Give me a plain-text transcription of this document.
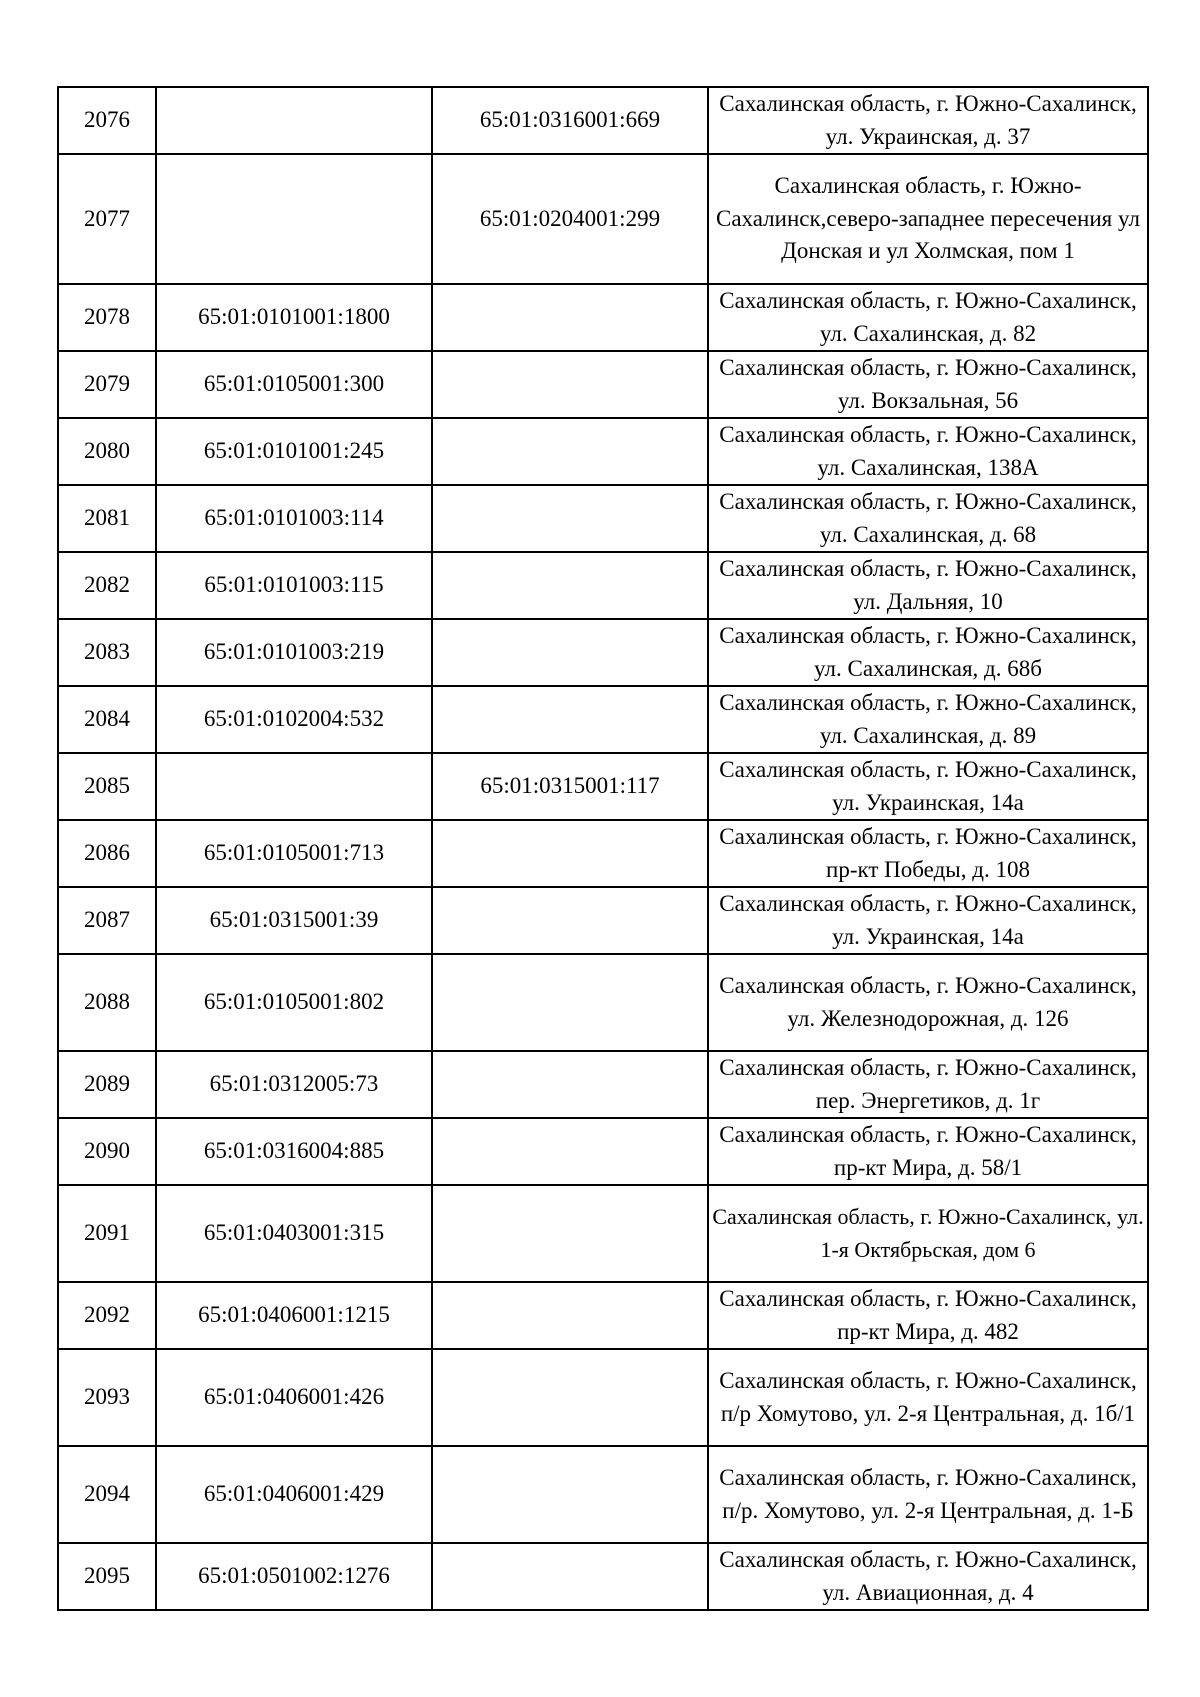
2076		65:01:0316001:669	Сахалинская область, г. Южно-Сахалинск, ул. Украинская, д. 37
2077		65:01:0204001:299	Сахалинская область, г. Южно-Сахалинск,северо-западнее пересечения ул Донская и ул Холмская, пом 1
2078	65:01:0101001:1800		Сахалинская область, г. Южно-Сахалинск, ул. Сахалинская, д. 82
2079	65:01:0105001:300		Сахалинская область, г. Южно-Сахалинск, ул. Вокзальная, 56
2080	65:01:0101001:245		Сахалинская область, г. Южно-Сахалинск, ул. Сахалинская, 138А
2081	65:01:0101003:114		Сахалинская область, г. Южно-Сахалинск, ул. Сахалинская, д. 68
2082	65:01:0101003:115		Сахалинская область, г. Южно-Сахалинск, ул. Дальняя, 10
2083	65:01:0101003:219		Сахалинская область, г. Южно-Сахалинск, ул. Сахалинская, д. 68б
2084	65:01:0102004:532		Сахалинская область, г. Южно-Сахалинск, ул. Сахалинская, д. 89
2085		65:01:0315001:117	Сахалинская область, г. Южно-Сахалинск, ул. Украинская, 14а
2086	65:01:0105001:713		Сахалинская область, г. Южно-Сахалинск, пр-кт Победы, д. 108
2087	65:01:0315001:39		Сахалинская область, г. Южно-Сахалинск, ул. Украинская, 14а
2088	65:01:0105001:802		Сахалинская область, г. Южно-Сахалинск, ул. Железнодорожная, д. 126
2089	65:01:0312005:73		Сахалинская область, г. Южно-Сахалинск, пер. Энергетиков, д. 1г
2090	65:01:0316004:885		Сахалинская область, г. Южно-Сахалинск, пр-кт Мира, д. 58/1
2091	65:01:0403001:315		Сахалинская область, г. Южно-Сахалинск, ул. 1-я Октябрьская, дом 6
2092	65:01:0406001:1215		Сахалинская область, г. Южно-Сахалинск, пр-кт Мира, д. 482
2093	65:01:0406001:426		Сахалинская область, г. Южно-Сахалинск, п/р Хомутово, ул. 2-я Центральная, д. 1б/1
2094	65:01:0406001:429		Сахалинская область, г. Южно-Сахалинск, п/р. Хомутово, ул. 2-я Центральная, д. 1-Б
2095	65:01:0501002:1276		Сахалинская область, г. Южно-Сахалинск, ул. Авиационная, д. 4
